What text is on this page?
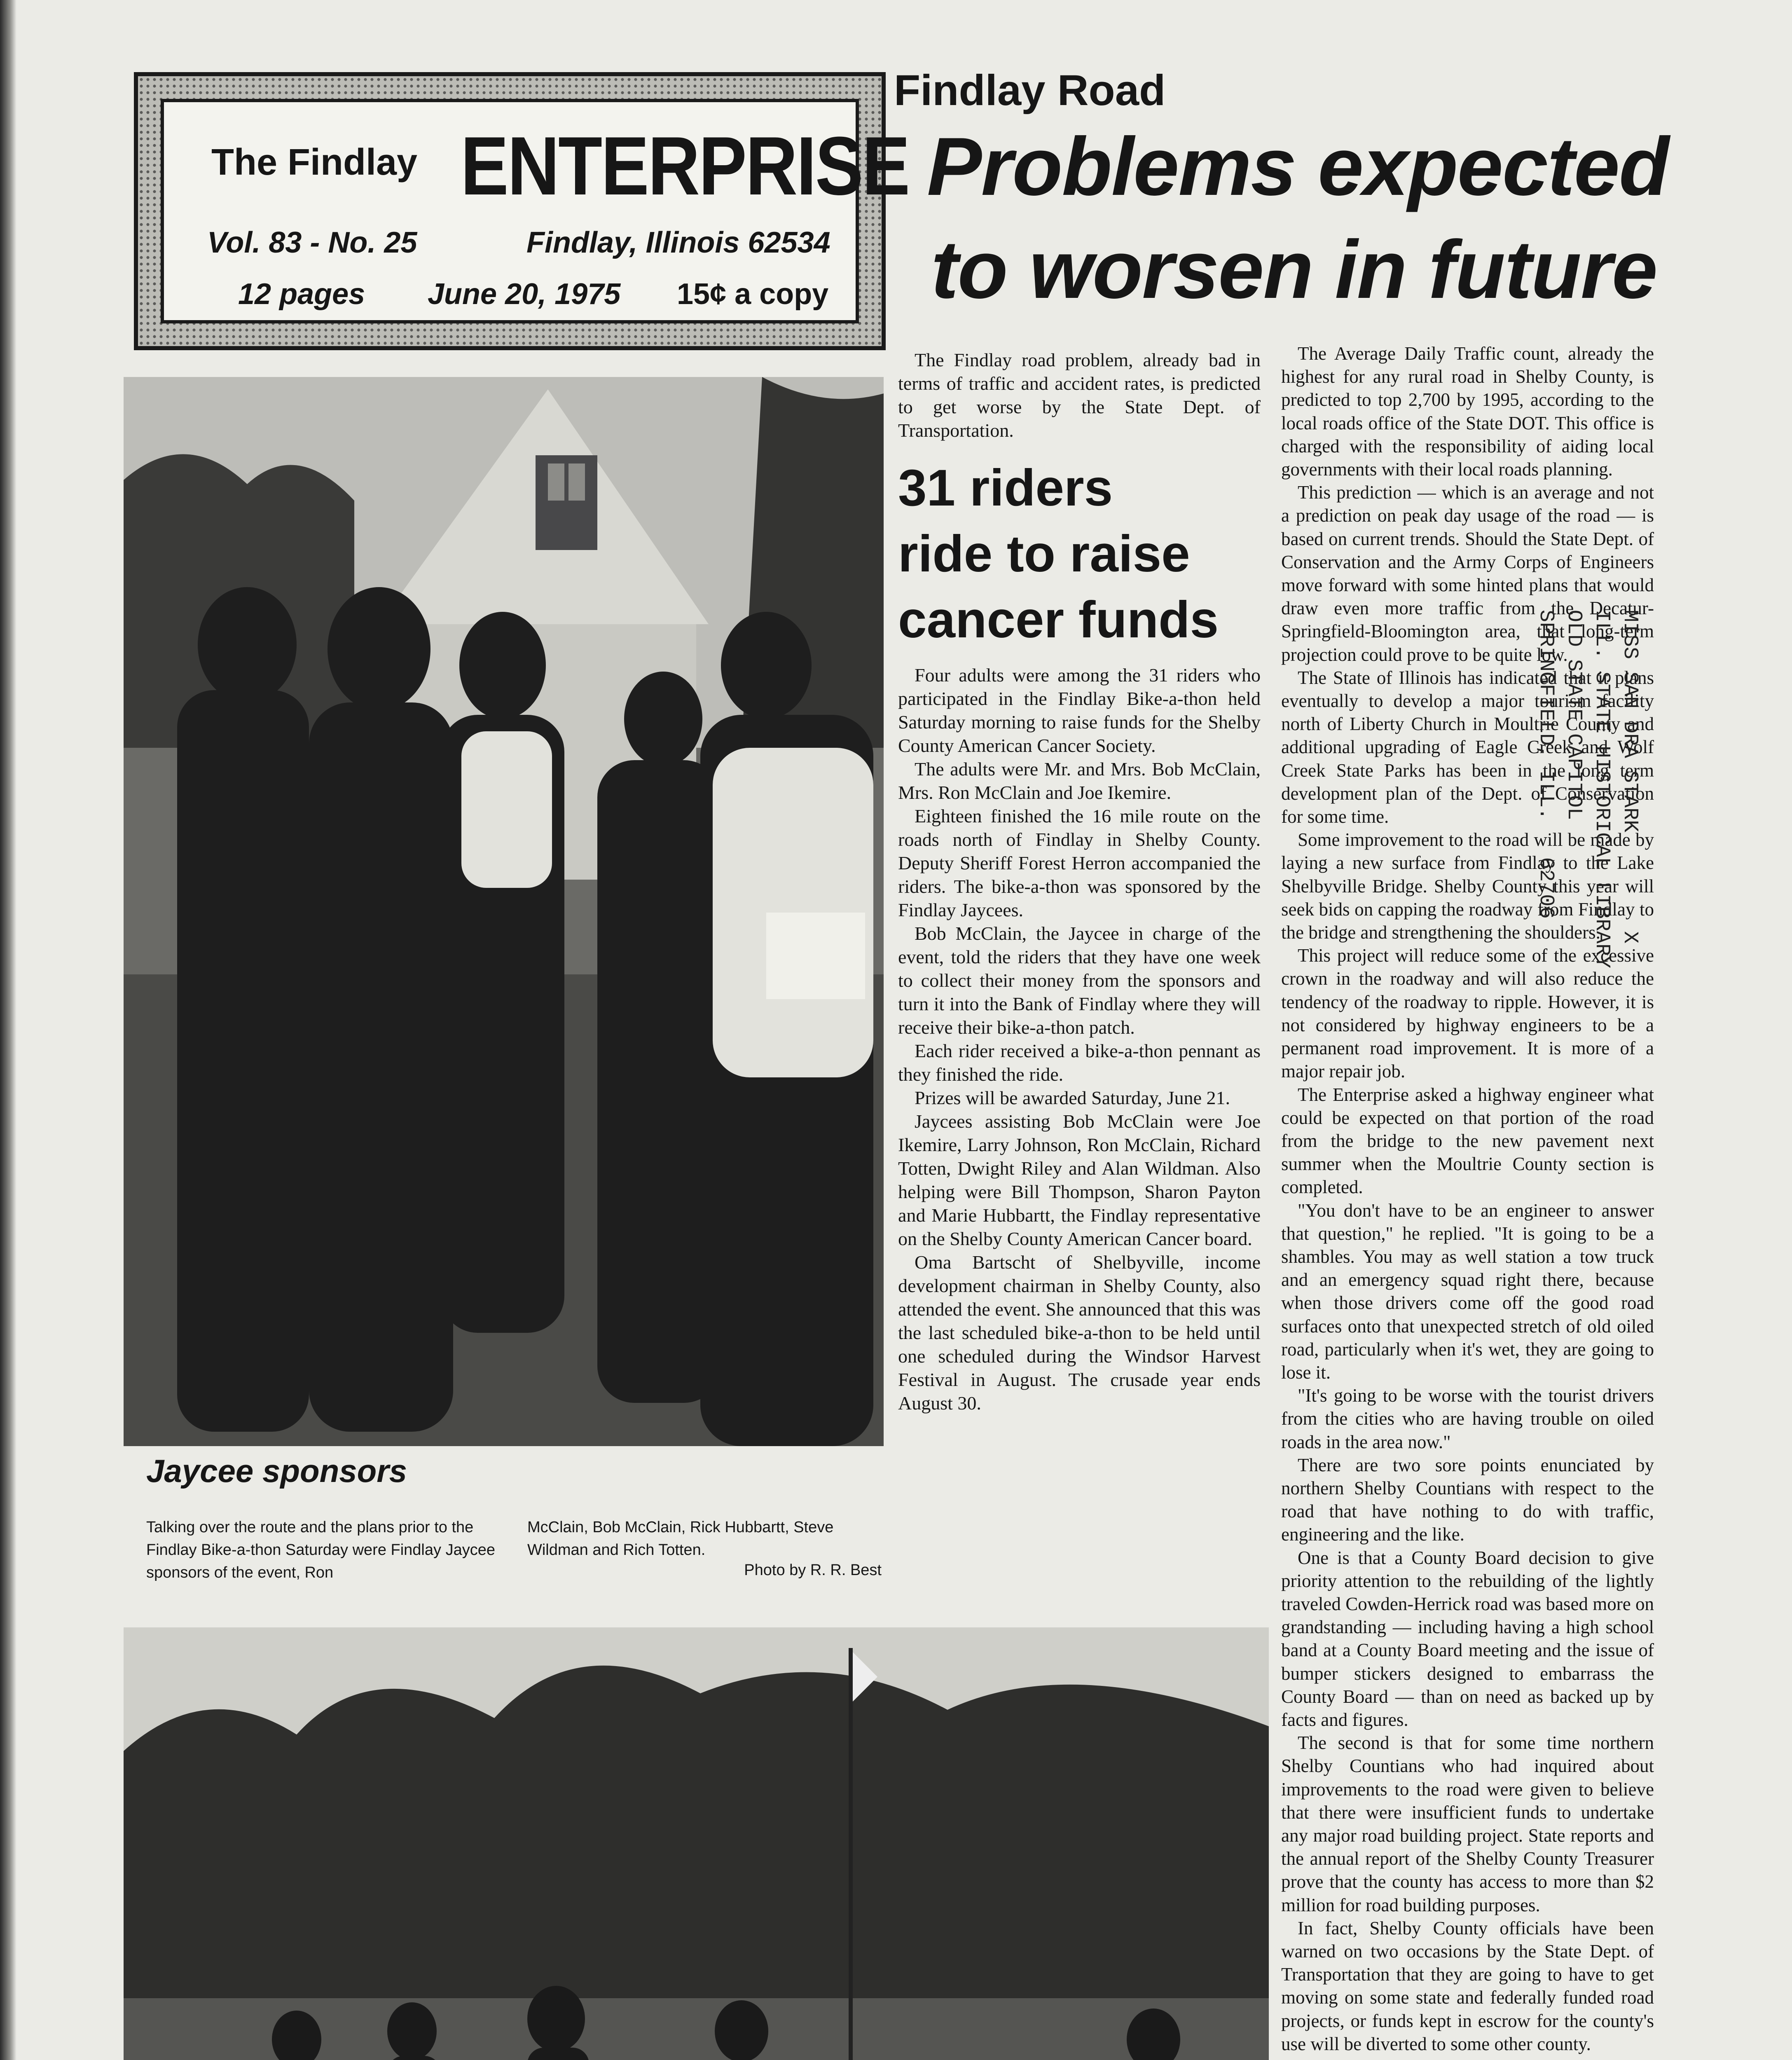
The Findlay ENTERPRISE
Vol. 83 - No. 25	Findlay, Illinois 62534
12 pages June 20, 1975 15¢ a copy
Findlay Road
Problems expected
to worsen in future
Jaycee sponsors
Talking over the route and the plans prior to the Findlay Bike-a-thon Saturday were Findlay Jaycee sponsors of the event, Ron
McClain, Bob McClain, Rick Hubbartt, Steve Wildman and Rich Totten.
Photo by R. R. Best

The Findlay road problem, already bad in terms of traffic and accident rates, is predicted to get worse by the State Dept. of Transportation.

31 riders
ride to raise
cancer funds

Four adults were among the 31 riders who participated in the Findlay Bike-a-thon held Saturday morning to raise funds for the Shelby County American Cancer Society.

The adults were Mr. and Mrs. Bob McClain, Mrs. Ron McClain and Joe Ikemire.

Eighteen finished the 16 mile route on the roads north of Findlay in Shelby County. Deputy Sheriff Forest Herron accompanied the riders. The bike-a-thon was sponsored by the Findlay Jaycees.

Bob McClain, the Jaycee in charge of the event, told the riders that they have one week to collect their money from the sponsors and turn it into the Bank of Findlay where they will receive their bike-a-thon patch.

Each rider received a bike-a-thon pennant as they finished the ride.

Prizes will be awarded Saturday, June 21.

Jaycees assisting Bob McClain were Joe Ikemire, Larry Johnson, Ron McClain, Richard Totten, Dwight Riley and Alan Wildman. Also helping were Bill Thompson, Sharon Payton and Marie Hubbartt, the Findlay representative on the Shelby County American Cancer board.

Oma Bartscht of Shelbyville, income development chairman in Shelby County, also attended the event. She announced that this was the last scheduled bike-a-thon to be held until one scheduled during the Windsor Harvest Festival in August. The crusade year ends August 30.

The Average Daily Traffic count, already the highest for any rural road in Shelby County, is predicted to top 2,700 by 1995, according to the local roads office of the State DOT. This office is charged with the responsibility of aiding local governments with their local roads planning.

This prediction — which is an average and not a prediction on peak day usage of the road — is based on current trends. Should the State Dept. of Conservation and the Army Corps of Engineers move forward with some hinted plans that would draw even more traffic from the Decatur-Springfield-Bloomington area, that long-term projection could prove to be quite low.

The State of Illinois has indicated that it plans eventually to develop a major tourism facility north of Liberty Church in Moultrie County and additional upgrading of Eagle Creek and Wolf Creek State Parks has been in the long term development plan of the Dept. of Conservation for some time.

Some improvement to the road will be made by laying a new surface from Findlay to the Lake Shelbyville Bridge. Shelby County this year will seek bids on capping the roadway from Findlay to the bridge and strengthening the shoulders.

This project will reduce some of the excessive crown in the roadway and will also reduce the tendency of the roadway to ripple. However, it is not considered by highway engineers to be a permanent road improvement. It is more of a major repair job.

The Enterprise asked a highway engineer what could be expected on that portion of the road from the bridge to the new pavement next summer when the Moultrie County section is completed.

"You don't have to be an engineer to answer that question," he replied. "It is going to be a shambles. You may as well station a tow truck and an emergency squad right there, because when those drivers come off the good road surfaces onto that unexpected stretch of old oiled road, particularly when it's wet, they are going to lose it.

"It's going to be worse with the tourist drivers from the cities who are having trouble on oiled roads in the area now."

There are two sore points enunciated by northern Shelby Countians with respect to the road that have nothing to do with traffic, engineering and the like.

One is that a County Board decision to give priority attention to the rebuilding of the lightly traveled Cowden-Herrick road was based more on grandstanding — including having a high school band at a County Board meeting and the issue of bumper stickers designed to embarrass the County Board — than on need as backed up by facts and figures.

The second is that for some time northern Shelby Countians who had inquired about improvements to the road were given to believe that there were insufficient funds to undertake any major road building project. State reports and the annual report of the Shelby County Treasurer prove that the county has access to more than $2 million for road building purposes.

In fact, Shelby County officials have been warned on two occasions by the State Dept. of Transportation that they are going to have to get moving on some state and federally funded road projects, or funds kept in escrow for the county's use will be diverted to some other county.

MISS SAN DRA STARK        X
ILL. STATE HISTORICAL LIBRARY
OLD STATE CAPITOL
SPRINGFIELD, ILL.   62706
